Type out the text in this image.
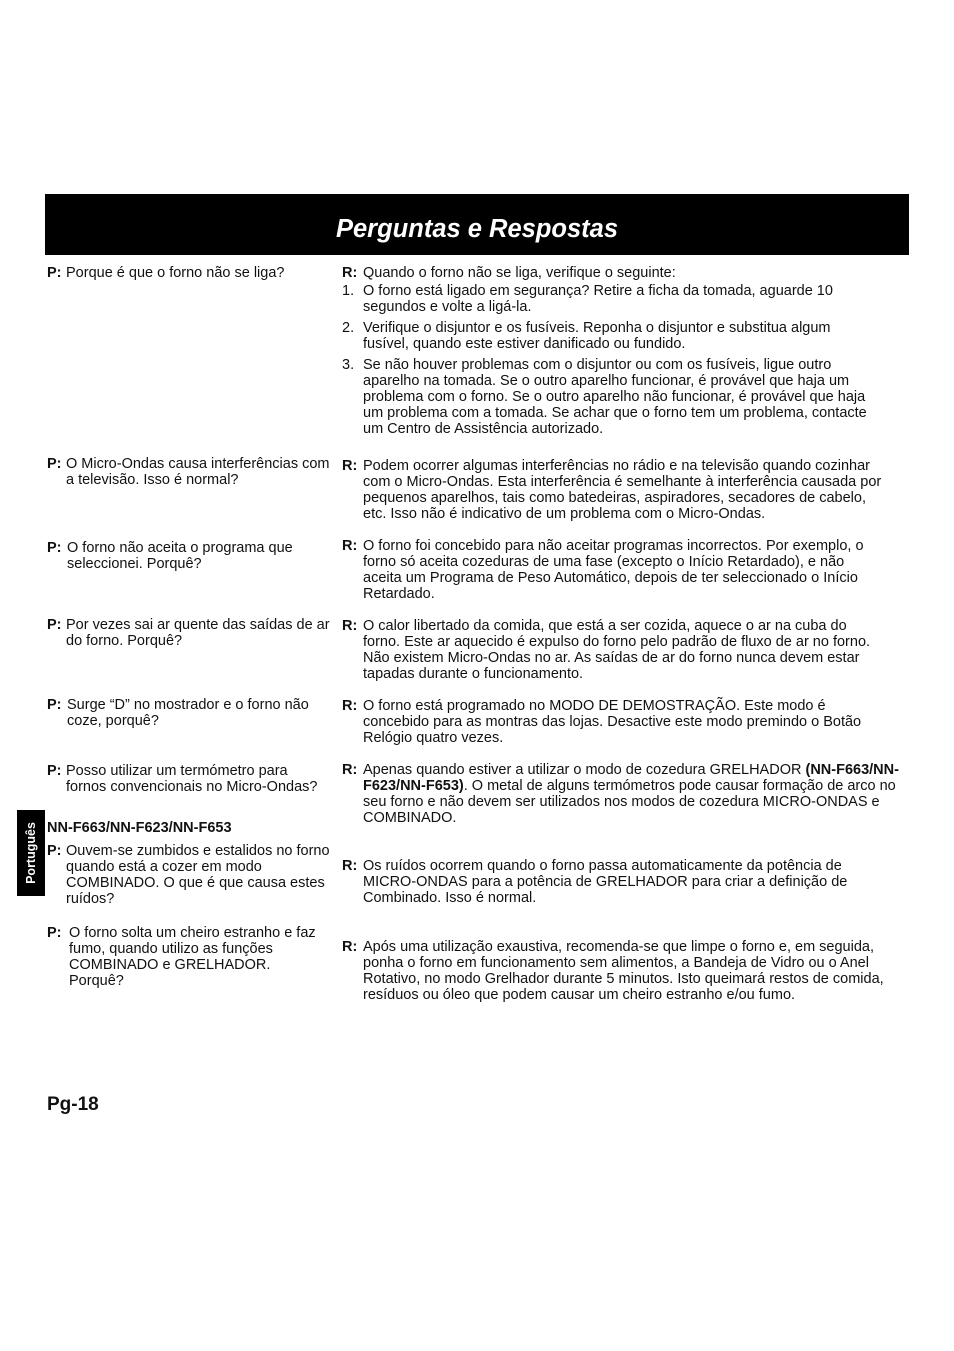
Perguntas e Respostas
P: Porque é que o forno não se liga?	R: Quando o forno não se liga, verifique o seguinte:
1. O forno está ligado em segurança? Retire a ficha da tomada, aguarde 10
segundos e volte a ligá-la.
2. Verifique o disjuntor e os fusíveis. Reponha o disjuntor e substitua algum
fusível, quando este estiver danificado ou fundido.
3. Se não houver problemas com o disjuntor ou com os fusíveis, ligue outro
aparelho na tomada. Se o outro aparelho funcionar, é provável que haja um
problema com o forno. Se o outro aparelho não funcionar, é provável que haja
um problema com a tomada. Se achar que o forno tem um problema, contacte
um Centro de Assistência autorizado.
P: O Micro-Ondas causa interferências com
a televisão. Isso é normal?
R: Podem ocorrer algumas interferências no rádio e na televisão quando cozinhar
com o Micro-Ondas. Esta interferência é semelhante à interferência causada por
pequenos aparelhos, tais como batedeiras, aspiradores, secadores de cabelo,
etc. Isso não é indicativo de um problema com o Micro-Ondas.
P: O forno não aceita o programa que
seleccionei. Porquê?
R: O forno foi concebido para não aceitar programas incorrectos. Por exemplo, o
forno só aceita cozeduras de uma fase (excepto o Início Retardado), e não
aceita um Programa de Peso Automático, depois de ter seleccionado o Início
Retardado.
P: Por vezes sai ar quente das saídas de ar
do forno. Porquê?
R: O calor libertado da comida, que está a ser cozida, aquece o ar na cuba do
forno. Este ar aquecido é expulso do forno pelo padrão de fluxo de ar no forno.
Não existem Micro-Ondas no ar. As saídas de ar do forno nunca devem estar
tapadas durante o funcionamento.
P: Surge “D” no mostrador e o forno não
coze, porquê?
R: O forno está programado no MODO DE DEMOSTRAÇÃO. Este modo é
concebido para as montras das lojas. Desactive este modo premindo o Botão
Relógio quatro vezes.
P: Posso utilizar um termómetro para
fornos convencionais no Micro-Ondas?
R: Apenas quando estiver a utilizar o modo de cozedura GRELHADOR (NN-F663/NN-
F623/NN-F653). O metal de alguns termómetros pode causar formação de arco no
seu forno e não devem ser utilizados nos modos de cozedura MICRO-ONDAS e
COMBINADO.
NN-F663/NN-F623/NN-F653
P: Ouvem-se zumbidos e estalidos no forno
quando está a cozer em modo
COMBINADO. O que é que causa estes
ruídos?
R: Os ruídos ocorrem quando o forno passa automaticamente da potência de
MICRO-ONDAS para a potência de GRELHADOR para criar a definição de
Combinado. Isso é normal.
P: O forno solta um cheiro estranho e faz
fumo, quando utilizo as funções
COMBINADO e GRELHADOR.
Porquê?
R: Após uma utilização exaustiva, recomenda-se que limpe o forno e, em seguida,
ponha o forno em funcionamento sem alimentos, a Bandeja de Vidro ou o Anel
Rotativo, no modo Grelhador durante 5 minutos. Isto queimará restos de comida,
resíduos ou óleo que podem causar um cheiro estranho e/ou fumo.
Português
Pg-18
